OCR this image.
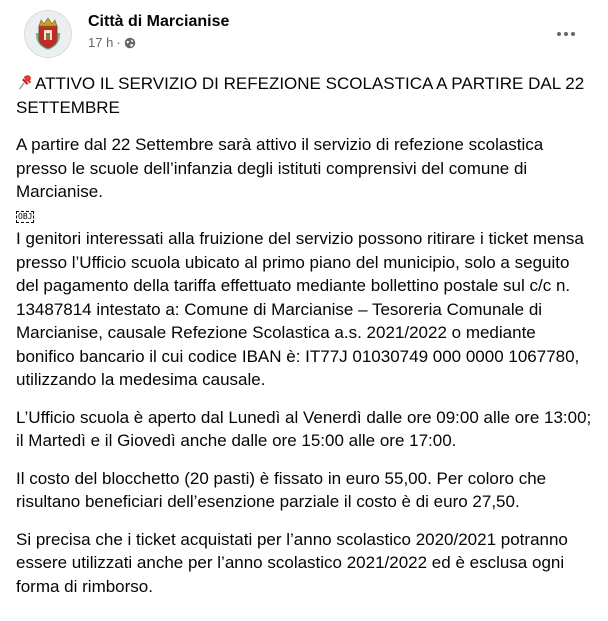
Città di Marcianise
17 h ·

ATTIVO IL SERVIZIO DI REFEZIONE SCOLASTICA A PARTIRE DAL 22 SETTEMBRE

A partire dal 22 Settembre sarà attivo il servizio di refezione scolastica presso le scuole dell’infanzia degli istituti comprensivi del comune di Marcianise.
OBJ
I genitori interessati alla fruizione del servizio possono ritirare i ticket mensa presso l’Ufficio scuola ubicato al primo piano del municipio, solo a seguito del pagamento della tariffa effettuato mediante bollettino postale sul c/c n. 13487814 intestato a: Comune di Marcianise – Tesoreria Comunale di Marcianise, causale Refezione Scolastica a.s. 2021/2022 o mediante bonifico bancario il cui codice IBAN è: IT77J 01030749 000 0000 1067780, utilizzando la medesima causale.

L’Ufficio scuola è aperto dal Lunedì al Venerdì dalle ore 09:00 alle ore 13:00; il Martedì e il Giovedì anche dalle ore 15:00 alle ore 17:00.

Il costo del blocchetto (20 pasti) è fissato in euro 55,00. Per coloro che risultano beneficiari dell’esenzione parziale il costo è di euro 27,50.

Si precisa che i ticket acquistati per l’anno scolastico 2020/2021 potranno essere utilizzati anche per l’anno scolastico 2021/2022 ed è esclusa ogni forma di rimborso.
